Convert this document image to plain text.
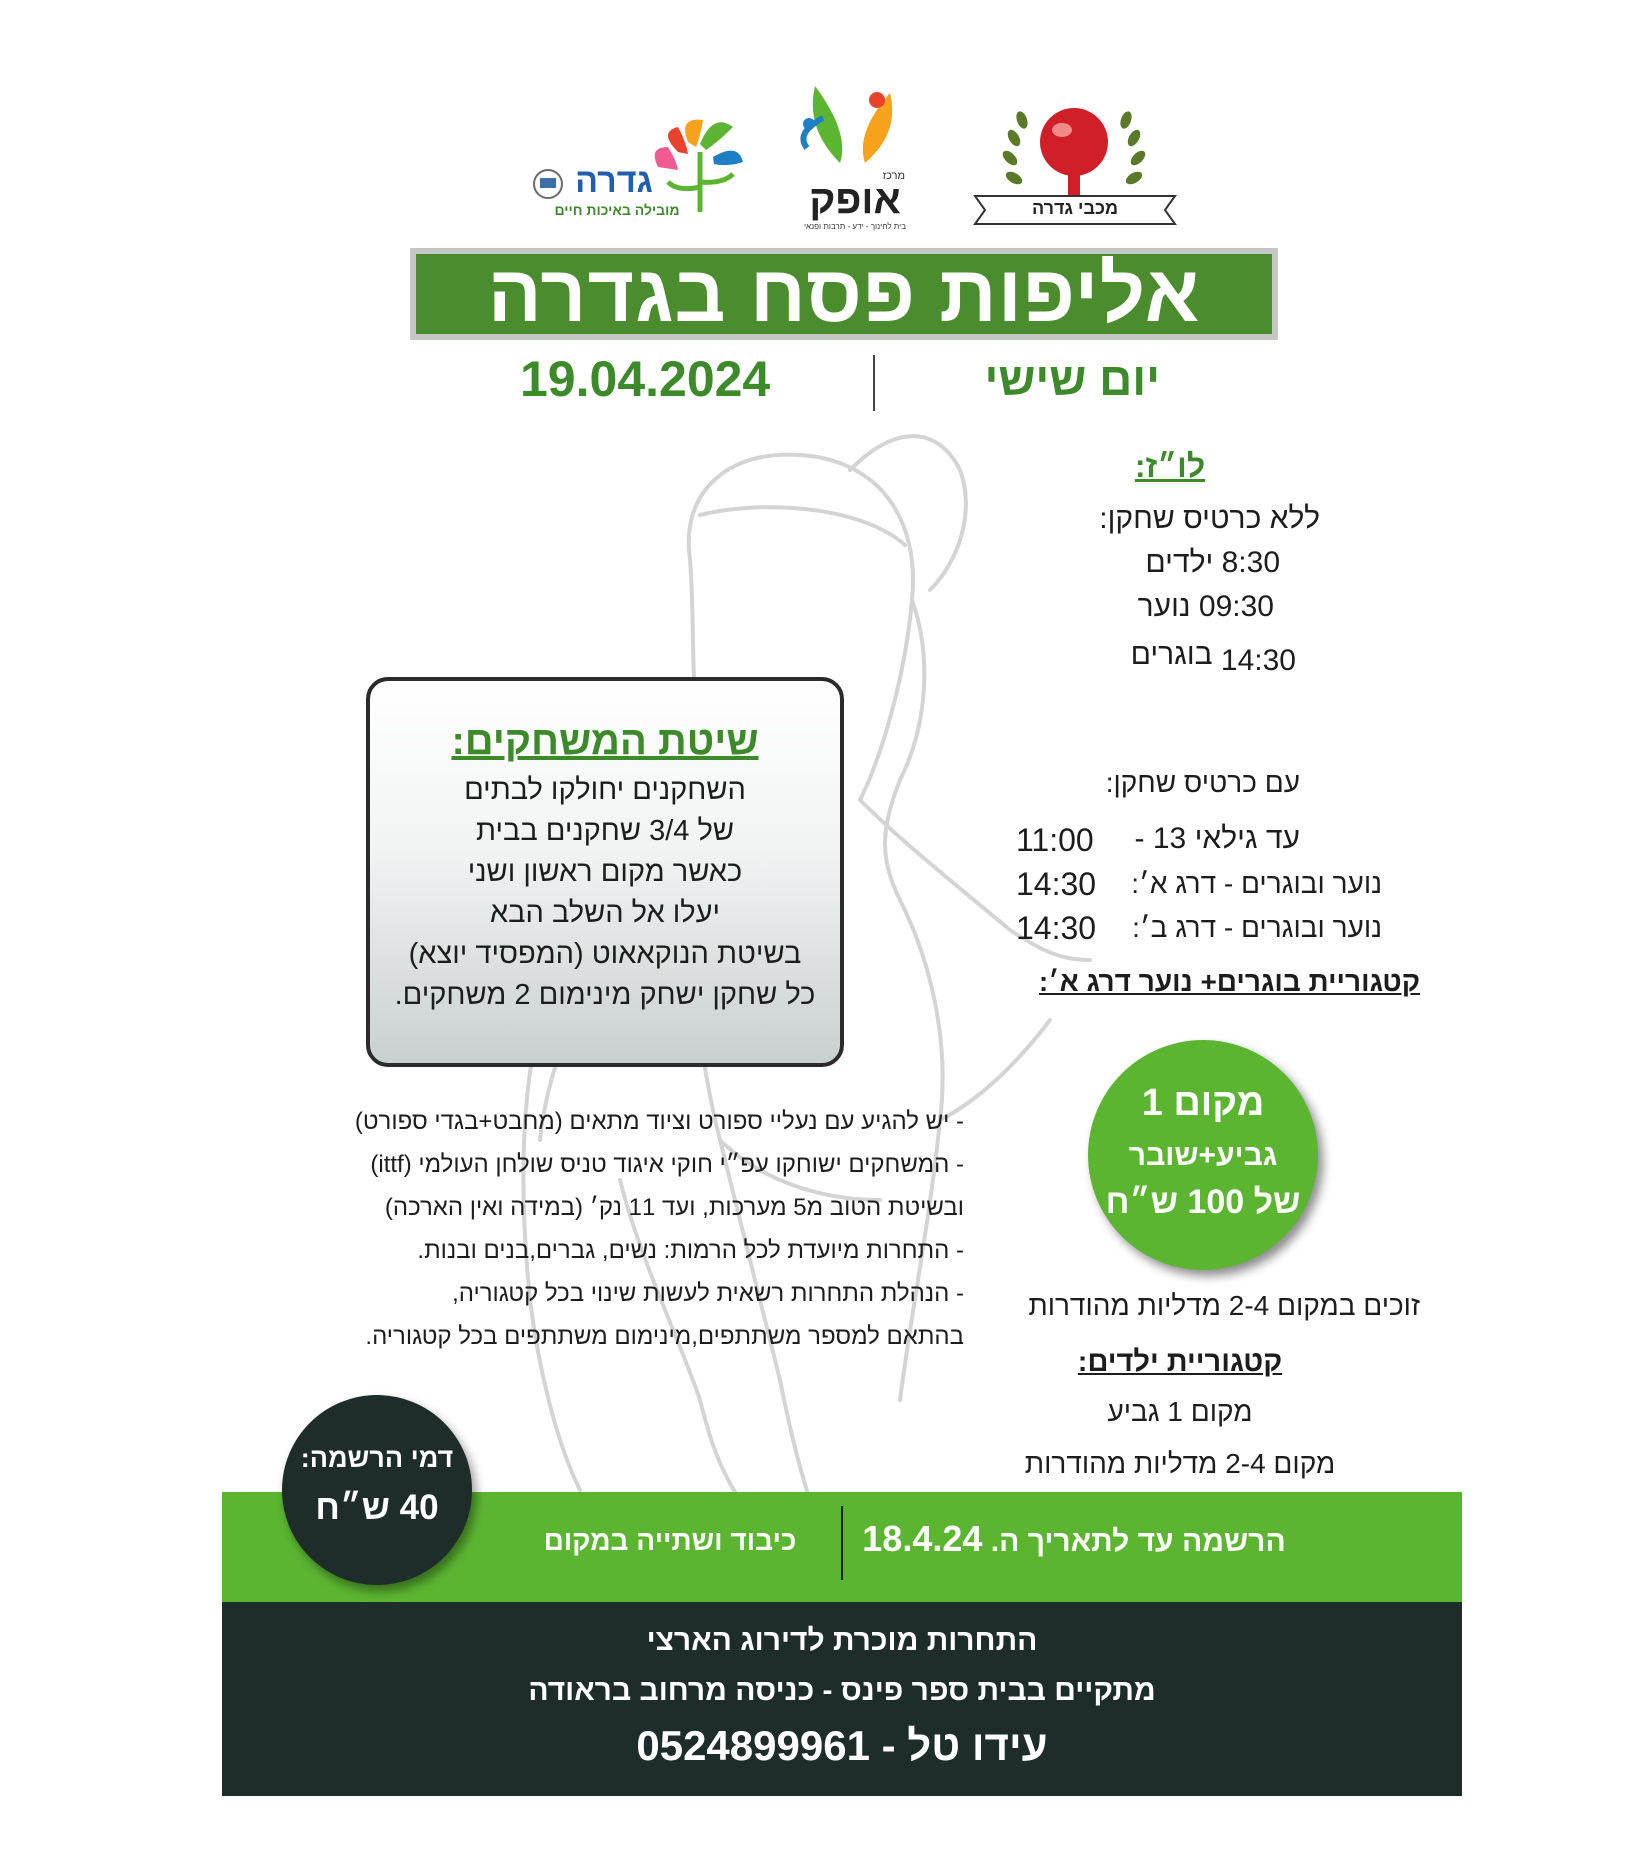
גדרה
מובילה באיכות חיים
מרכז
אופק
בית לחינוך - ידע - תרבות ופנאי
מכבי גדרה
אליפות פסח בגדרה
19.04.2024	יום שישי
לו״ז:
ללא כרטיס שחקן:
8:30 ילדים
09:30 נוער
14:30 בוגרים
עם כרטיס שחקן:
עד גילאי 13 -
11:00
נוער ובוגרים - דרג א׳:
14:30
נוער ובוגרים - דרג ב׳:
14:30
קטגוריית בוגרים+ נוער דרג א׳:
מקום 1
גביע+שובר
של 100 ש״ח
זוכים במקום 2-4 מדליות מהודרות
קטגוריית ילדים:
מקום 1 גביע
מקום 2-4 מדליות מהודרות
שיטת המשחקים:
השחקנים יחולקו לבתים
של 3/4 שחקנים בבית
כאשר מקום ראשון ושני
יעלו אל השלב הבא
בשיטת הנוקאאוט (המפסיד יוצא)
כל שחקן ישחק מינימום 2 משחקים.
- יש להגיע עם נעליי ספורט וציוד מתאים (מחבט+בגדי ספורט)
- המשחקים ישוחקו עפ״י חוקי איגוד טניס שולחן העולמי (ittf)
ובשיטת הטוב מ5 מערכות, ועד 11 נק׳ (במידה ואין הארכה)
- התחרות מיועדת לכל הרמות: נשים, גברים,בנים ובנות.
- הנהלת התחרות רשאית לעשות שינוי בכל קטגוריה,
בהתאם למספר משתתפים,מינימום משתתפים בכל קטגוריה.
דמי הרשמה:
40 ש״ח
הרשמה עד לתאריך ה. 18.4.24
כיבוד ושתייה במקום
התחרות מוכרת לדירוג הארצי
מתקיים בבית ספר פינס - כניסה מרחוב בראודה
עידו טל - 0524899961
